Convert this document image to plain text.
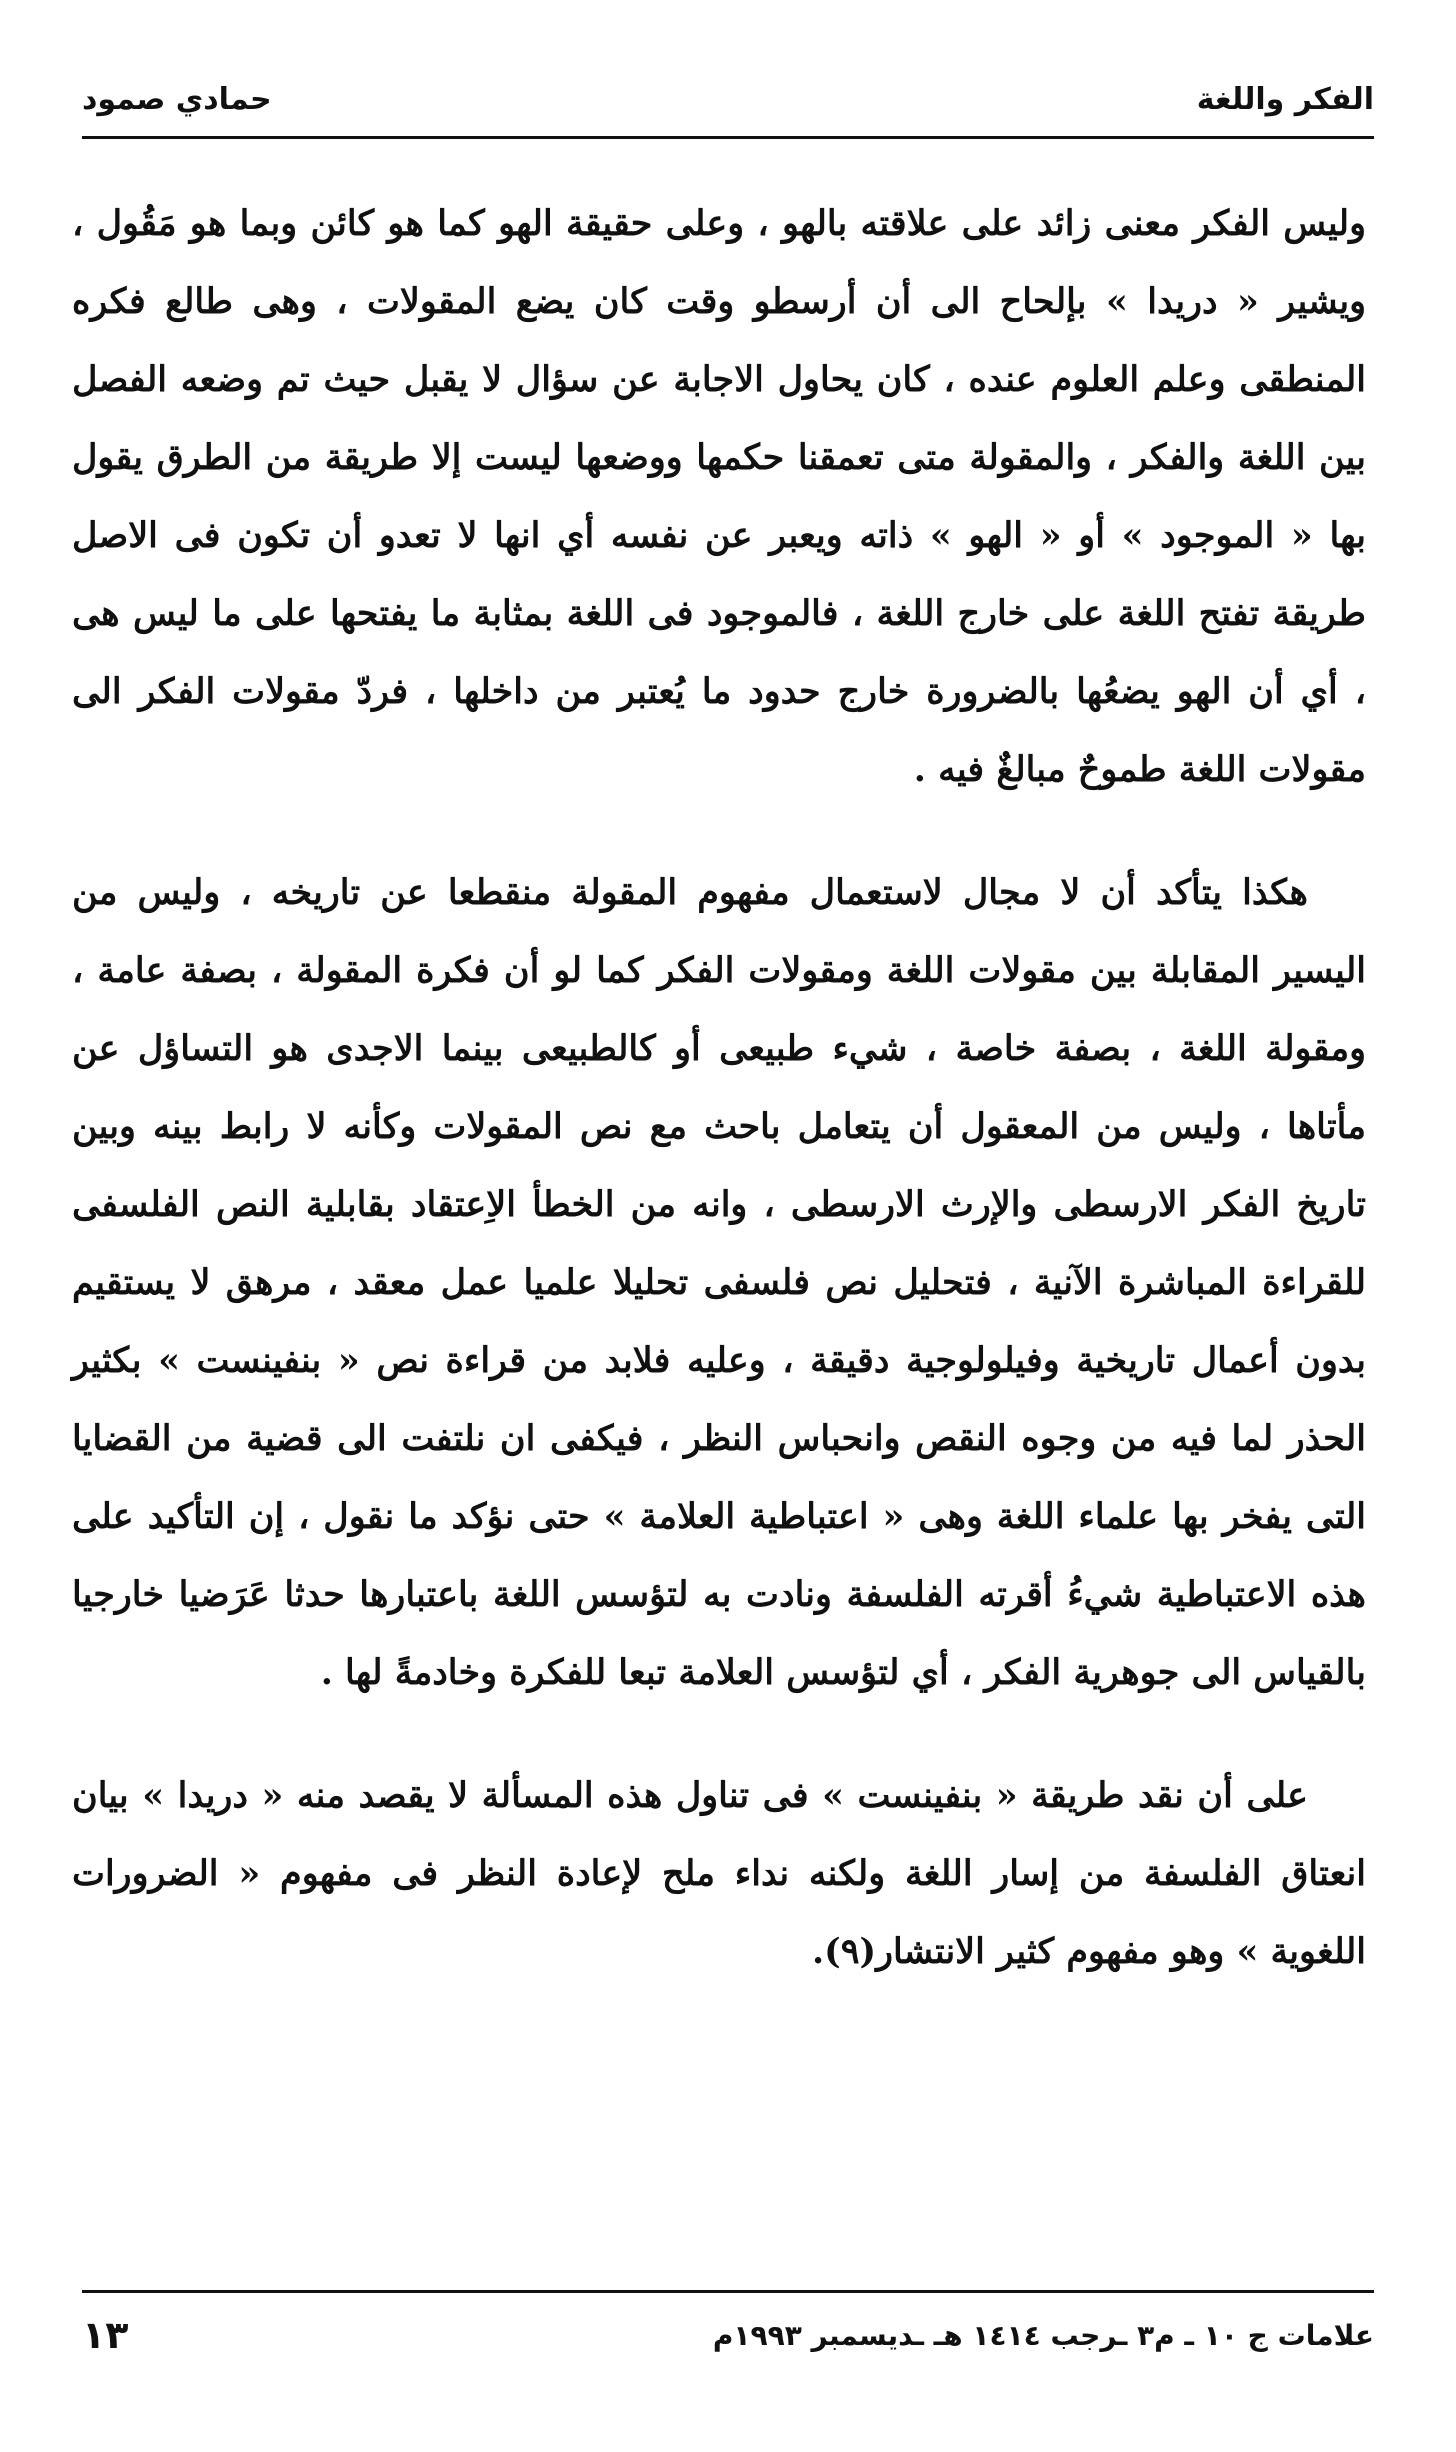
الفكر واللغة
حمادي صمود

وليس الفكر معنى زائد على علاقته بالهو ، وعلى حقيقة الهو كما هو كائن وبما هو مَقُول ، ويشير « دريدا » بإلحاح الى أن أرسطو وقت كان يضع المقولات ، وهى طالع فكره المنطقى وعلم العلوم عنده ، كان يحاول الاجابة عن سؤال لا يقبل حيث تم وضعه الفصل بين اللغة والفكر ، والمقولة متى تعمقنا حكمها ووضعها ليست إلا طريقة من الطرق يقول بها « الموجود » أو « الهو » ذاته ويعبر عن نفسه أي انها لا تعدو أن تكون فى الاصل طريقة تفتح اللغة على خارج اللغة ، فالموجود فى اللغة بمثابة ما يفتحها على ما ليس هى ، أي أن الهو يضعُها بالضرورة خارج حدود ما يُعتبر من داخلها ، فردّ مقولات الفكر الى مقولات اللغة طموحٌ مبالغٌ فيه .

هكذا يتأكد أن لا مجال لاستعمال مفهوم المقولة منقطعا عن تاريخه ، وليس من اليسير المقابلة بين مقولات اللغة ومقولات الفكر كما لو أن فكرة المقولة ، بصفة عامة ، ومقولة اللغة ، بصفة خاصة ، شيء طبيعى أو كالطبيعى بينما الاجدى هو التساؤل عن مأتاها ، وليس من المعقول أن يتعامل باحث مع نص المقولات وكأنه لا رابط بينه وبين تاريخ الفكر الارسطى والإرث الارسطى ، وانه من الخطأ الاِعتقاد بقابلية النص الفلسفى للقراءة المباشرة الآنية ، فتحليل نص فلسفى تحليلا علميا عمل معقد ، مرهق لا يستقيم بدون أعمال تاريخية وفيلولوجية دقيقة ، وعليه فلابد من قراءة نص « بنفينست » بكثير الحذر لما فيه من وجوه النقص وانحباس النظر ، فيكفى ان نلتفت الى قضية من القضايا التى يفخر بها علماء اللغة وهى « اعتباطية العلامة » حتى نؤكد ما نقول ، إن التأكيد على هذه الاعتباطية شيءُ أقرته الفلسفة ونادت به لتؤسس اللغة باعتبارها حدثا عَرَضيا خارجيا بالقياس الى جوهرية الفكر ، أي لتؤسس العلامة تبعا للفكرة وخادمةً لها .

على أن نقد طريقة « بنفينست » فى تناول هذه المسألة لا يقصد منه « دريدا » بيان انعتاق الفلسفة من إسار اللغة ولكنه نداء ملح لإعادة النظر فى مفهوم « الضرورات اللغوية » وهو مفهوم كثير الانتشار(٩).

علامات ج ١٠ ـ م٣ ـرجب ١٤١٤ هـ ـديسمبر ١٩٩٣م
١٣
